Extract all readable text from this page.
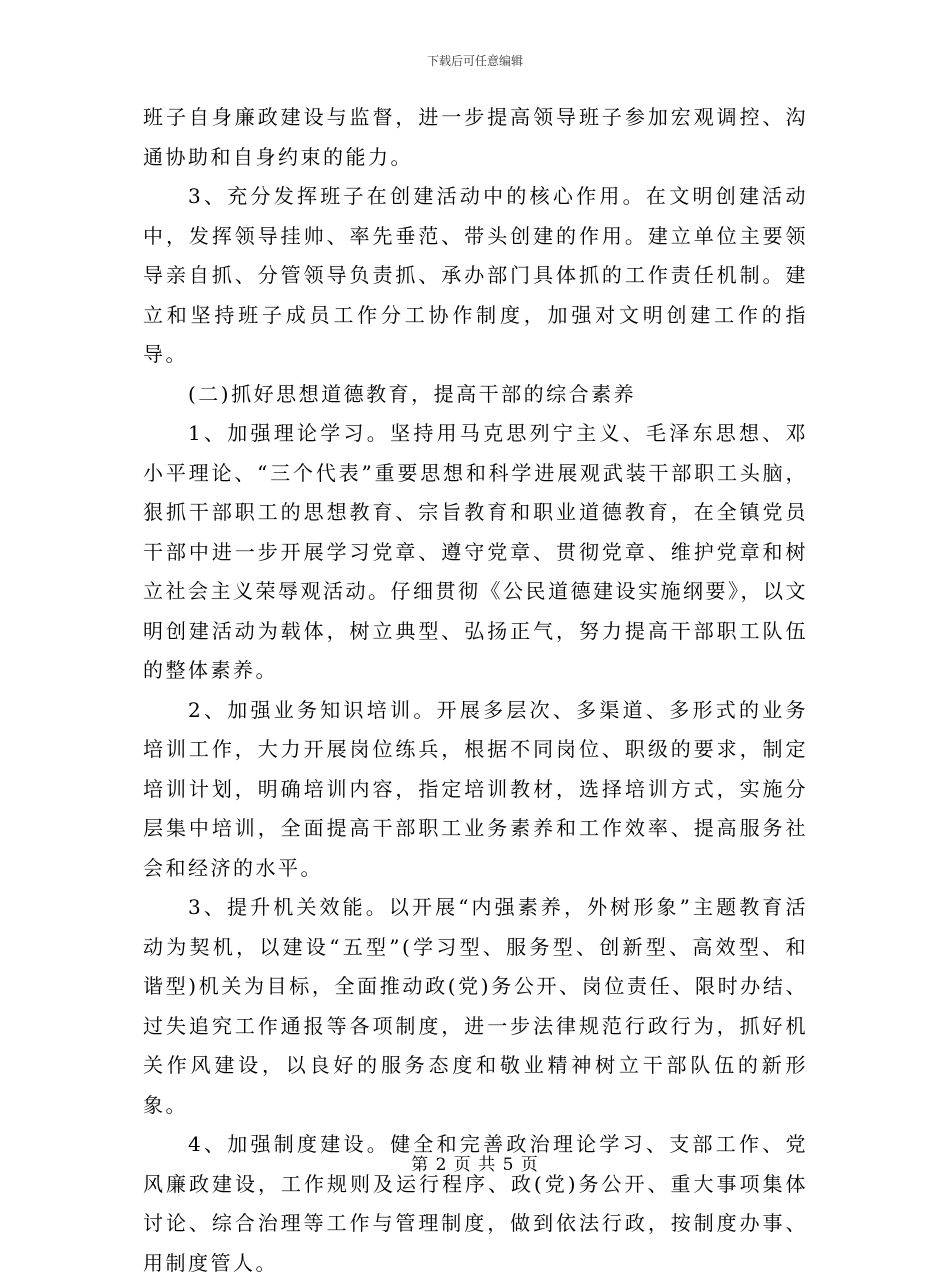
下载后可任意编辑

班子自身廉政建设与监督，进一步提高领导班子参加宏观调控、沟通协助和自身约束的能力。

3、充分发挥班子在创建活动中的核心作用。在文明创建活动中，发挥领导挂帅、率先垂范、带头创建的作用。建立单位主要领导亲自抓、分管领导负责抓、承办部门具体抓的工作责任机制。建立和坚持班子成员工作分工协作制度，加强对文明创建工作的指导。

(二)抓好思想道德教育，提高干部的综合素养

1、加强理论学习。坚持用马克思列宁主义、毛泽东思想、邓小平理论、“三个代表”重要思想和科学进展观武装干部职工头脑，狠抓干部职工的思想教育、宗旨教育和职业道德教育，在全镇党员干部中进一步开展学习党章、遵守党章、贯彻党章、维护党章和树立社会主义荣辱观活动。仔细贯彻《公民道德建设实施纲要》，以文明创建活动为载体，树立典型、弘扬正气，努力提高干部职工队伍的整体素养。

2、加强业务知识培训。开展多层次、多渠道、多形式的业务培训工作，大力开展岗位练兵，根据不同岗位、职级的要求，制定培训计划，明确培训内容，指定培训教材，选择培训方式，实施分层集中培训，全面提高干部职工业务素养和工作效率、提高服务社会和经济的水平。

3、提升机关效能。以开展“内强素养，外树形象”主题教育活动为契机，以建设“五型”(学习型、服务型、创新型、高效型、和谐型)机关为目标，全面推动政(党)务公开、岗位责任、限时办结、过失追究工作通报等各项制度，进一步法律规范行政行为，抓好机关作风建设，以良好的服务态度和敬业精神树立干部队伍的新形象。

4、加强制度建设。健全和完善政治理论学习、支部工作、党风廉政建设，工作规则及运行程序、政(党)务公开、重大事项集体讨论、综合治理等工作与管理制度，做到依法行政，按制度办事、用制度管人。

第 2 页 共 5 页
